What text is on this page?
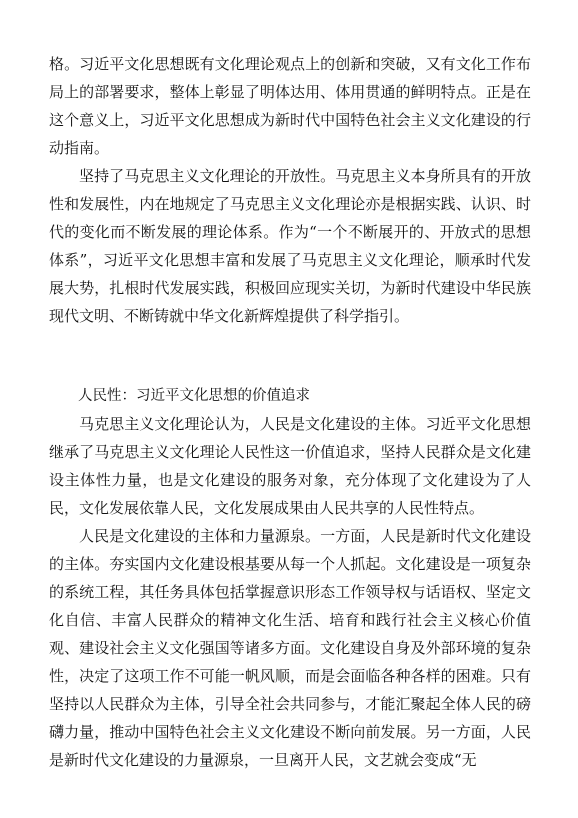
格。习近平文化思想既有文化理论观点上的创新和突破，又有文化工作布局上的部署要求，整体上彰显了明体达用、体用贯通的鲜明特点。正是在这个意义上，习近平文化思想成为新时代中国特色社会主义文化建设的行动指南。

坚持了马克思主义文化理论的开放性。马克思主义本身所具有的开放性和发展性，内在地规定了马克思主义文化理论亦是根据实践、认识、时代的变化而不断发展的理论体系。作为“一个不断展开的、开放式的思想体系”，习近平文化思想丰富和发展了马克思主义文化理论，顺承时代发展大势，扎根时代发展实践，积极回应现实关切，为新时代建设中华民族现代文明、不断铸就中华文化新辉煌提供了科学指引。

人民性：习近平文化思想的价值追求

马克思主义文化理论认为，人民是文化建设的主体。习近平文化思想继承了马克思主义文化理论人民性这一价值追求，坚持人民群众是文化建设主体性力量，也是文化建设的服务对象，充分体现了文化建设为了人民，文化发展依靠人民，文化发展成果由人民共享的人民性特点。

人民是文化建设的主体和力量源泉。一方面，人民是新时代文化建设的主体。夯实国内文化建设根基要从每一个人抓起。文化建设是一项复杂的系统工程，其任务具体包括掌握意识形态工作领导权与话语权、坚定文化自信、丰富人民群众的精神文化生活、培育和践行社会主义核心价值观、建设社会主义文化强国等诸多方面。文化建设自身及外部环境的复杂性，决定了这项工作不可能一帆风顺，而是会面临各种各样的困难。只有坚持以人民群众为主体，引导全社会共同参与，才能汇聚起全体人民的磅礴力量，推动中国特色社会主义文化建设不断向前发展。另一方面，人民是新时代文化建设的力量源泉，一旦离开人民，文艺就会变成“无
